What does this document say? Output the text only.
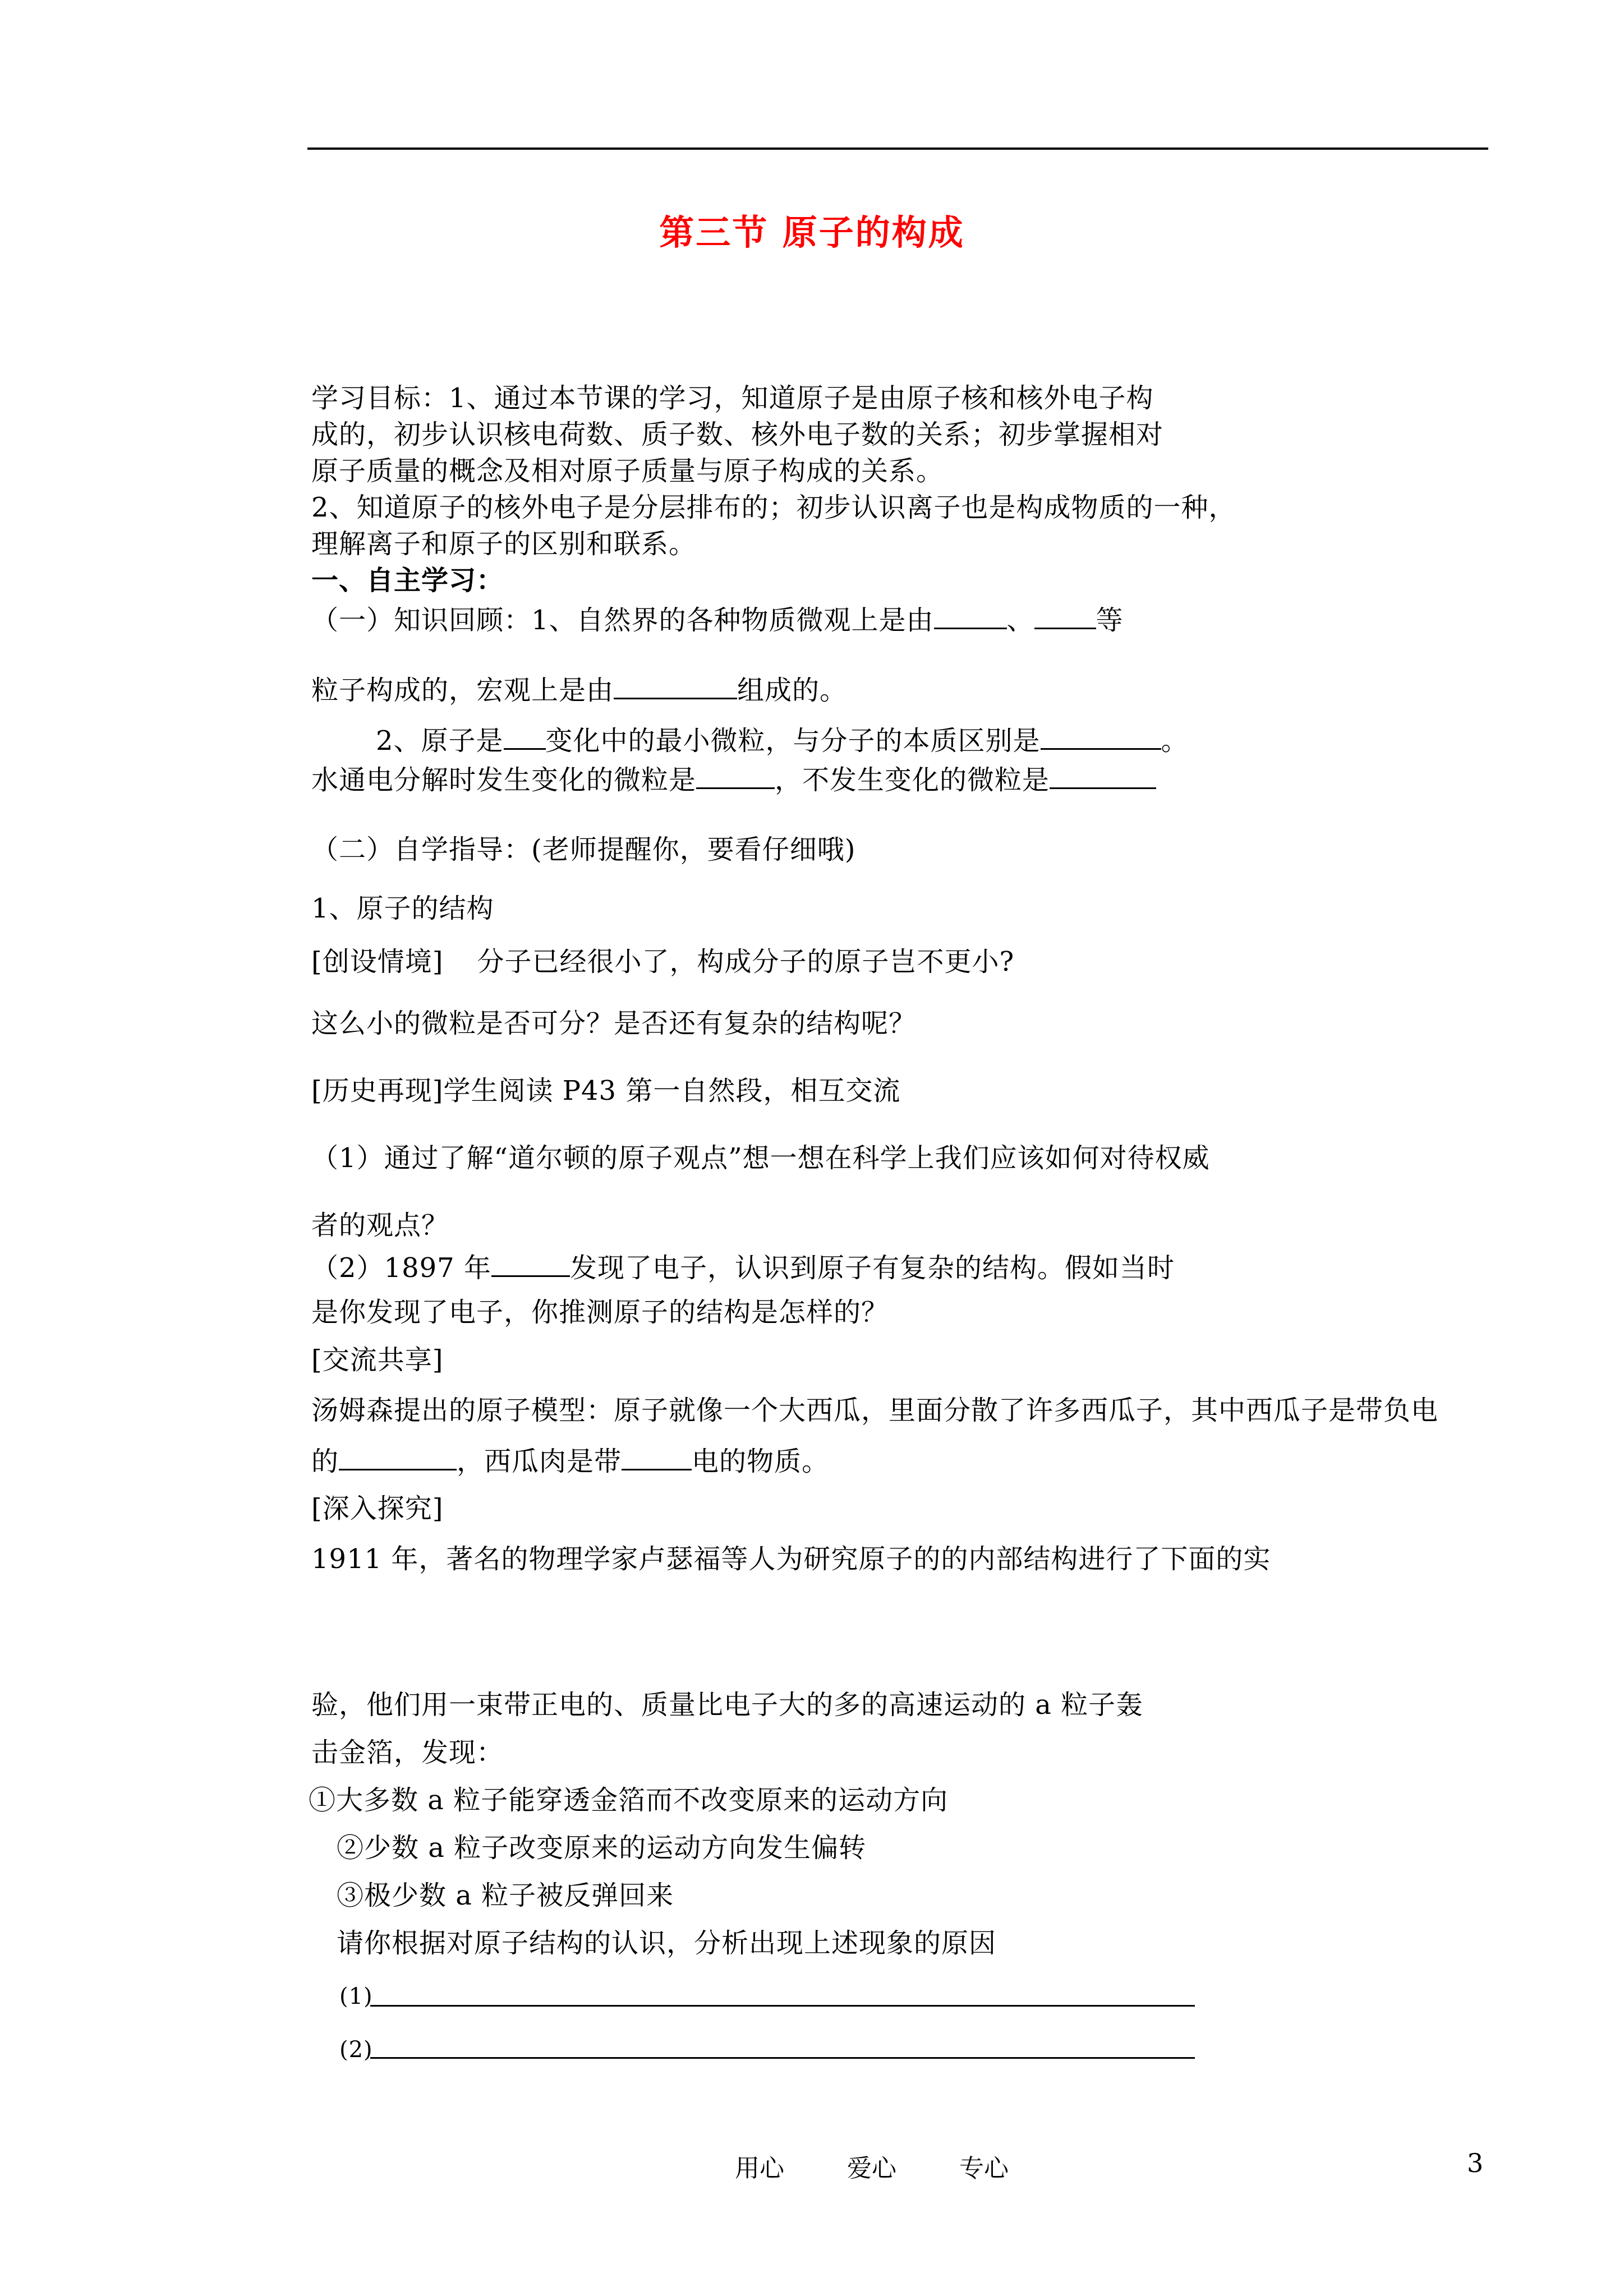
第三节 原子的构成
学习目标：1、通过本节课的学习，知道原子是由原子核和核外电子构
成的，初步认识核电荷数、质子数、核外电子数的关系；初步掌握相对
原子质量的概念及相对原子质量与原子构成的关系。
2、知道原子的核外电子是分层排布的；初步认识离子也是构成物质的一种，
理解离子和原子的区别和联系。
一、自主学习：
（一）知识回顾：1、自然界的各种物质微观上是由	、 等
粒子构成的，宏观上是由	组成的。
2、原子是 变化中的最小微粒，与分子的本质区别是	。
水通电分解时发生变化的微粒是	，不发生变化的微粒是
（二）自学指导：(老师提醒你，要看仔细哦)
1、原子的结构
[创设情境] 分子已经很小了，构成分子的原子岂不更小?
这么小的微粒是否可分？是否还有复杂的结构呢？
[历史再现]学生阅读 P43 第一自然段，相互交流
（1）通过了解“道尔顿的原子观点”想一想在科学上我们应该如何对待权威
者的观点？
（2）1897 年	发现了电子，认识到原子有复杂的结构。假如当时
是你发现了电子，你推测原子的结构是怎样的？
[交流共享]
汤姆森提出的原子模型：原子就像一个大西瓜，里面分散了许多西瓜子，其中西瓜子是带负电
的	，西瓜肉是带	电的物质。
[深入探究]
1911 年，著名的物理学家卢瑟福等人为研究原子的的内部结构进行了下面的实
验，他们用一束带正电的、质量比电子大的多的高速运动的 a 粒子轰
击金箔，发现：
①大多数 a 粒子能穿透金箔而不改变原来的运动方向
②少数 a 粒子改变原来的运动方向发生偏转
③极少数 a 粒子被反弹回来
请你根据对原子结构的认识，分析出现上述现象的原因
(1)
(2)
用心	爱心	专心	3
